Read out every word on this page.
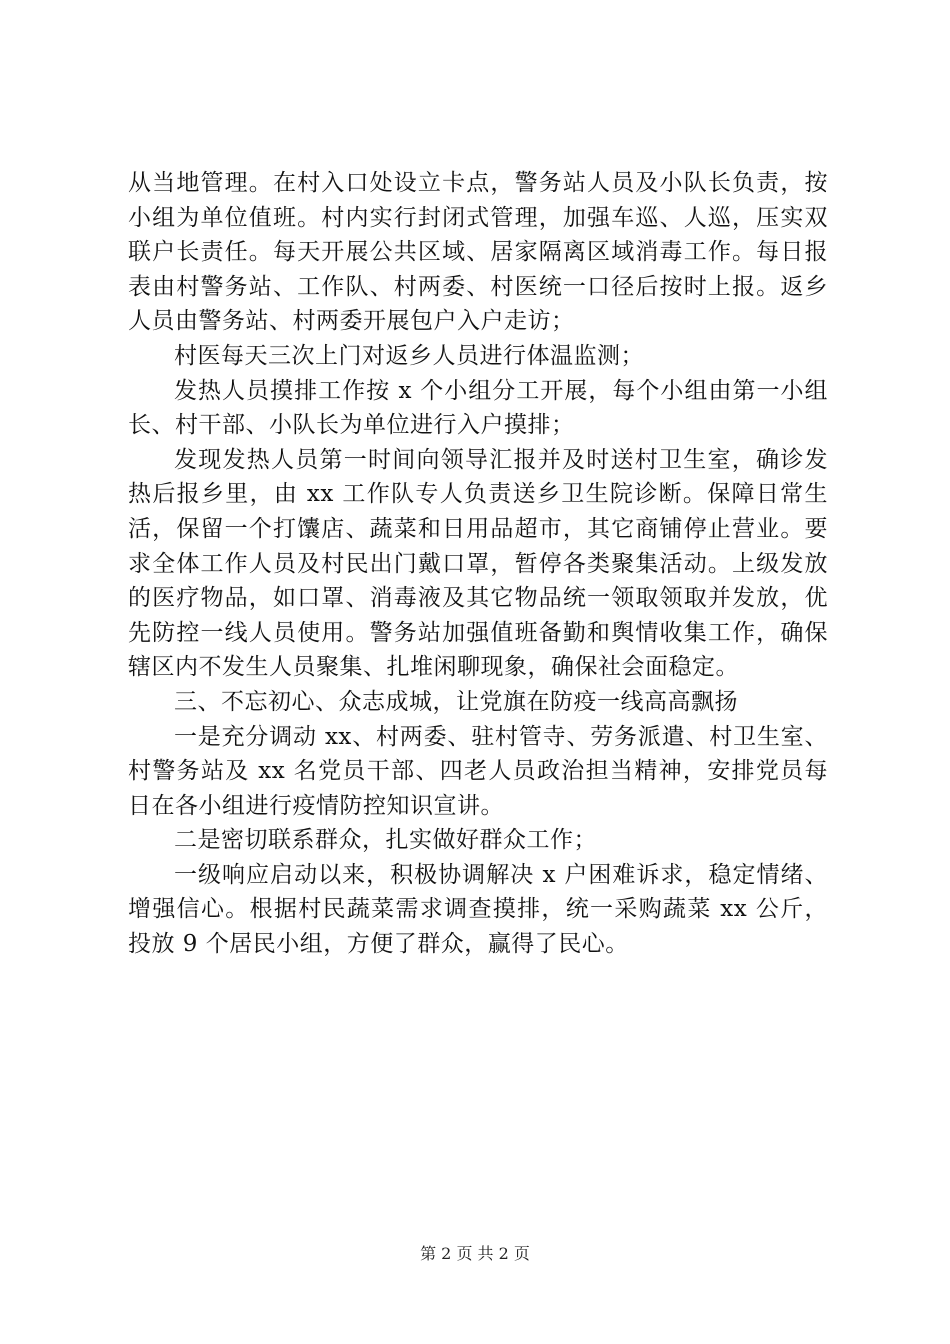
从当地管理。在村入口处设立卡点，警务站人员及小队长负责，按小组为单位值班。村内实行封闭式管理，加强车巡、人巡，压实双联户长责任。每天开展公共区域、居家隔离区域消毒工作。每日报表由村警务站、工作队、村两委、村医统一口径后按时上报。返乡人员由警务站、村两委开展包户入户走访；

村医每天三次上门对返乡人员进行体温监测；

发热人员摸排工作按 x 个小组分工开展，每个小组由第一小组长、村干部、小队长为单位进行入户摸排；

发现发热人员第一时间向领导汇报并及时送村卫生室，确诊发热后报乡里，由 xx 工作队专人负责送乡卫生院诊断。保障日常生活，保留一个打馕店、蔬菜和日用品超市，其它商铺停止营业。要求全体工作人员及村民出门戴口罩，暂停各类聚集活动。上级发放的医疗物品，如口罩、消毒液及其它物品统一领取领取并发放，优先防控一线人员使用。警务站加强值班备勤和舆情收集工作，确保辖区内不发生人员聚集、扎堆闲聊现象，确保社会面稳定。

三、不忘初心、众志成城，让党旗在防疫一线高高飘扬

一是充分调动 xx、村两委、驻村管寺、劳务派遣、村卫生室、村警务站及 xx 名党员干部、四老人员政治担当精神，安排党员每日在各小组进行疫情防控知识宣讲。

二是密切联系群众，扎实做好群众工作；

一级响应启动以来，积极协调解决 x 户困难诉求，稳定情绪、增强信心。根据村民蔬菜需求调查摸排，统一采购蔬菜 xx 公斤，投放 9 个居民小组，方便了群众，赢得了民心。

第 2 页 共 2 页
